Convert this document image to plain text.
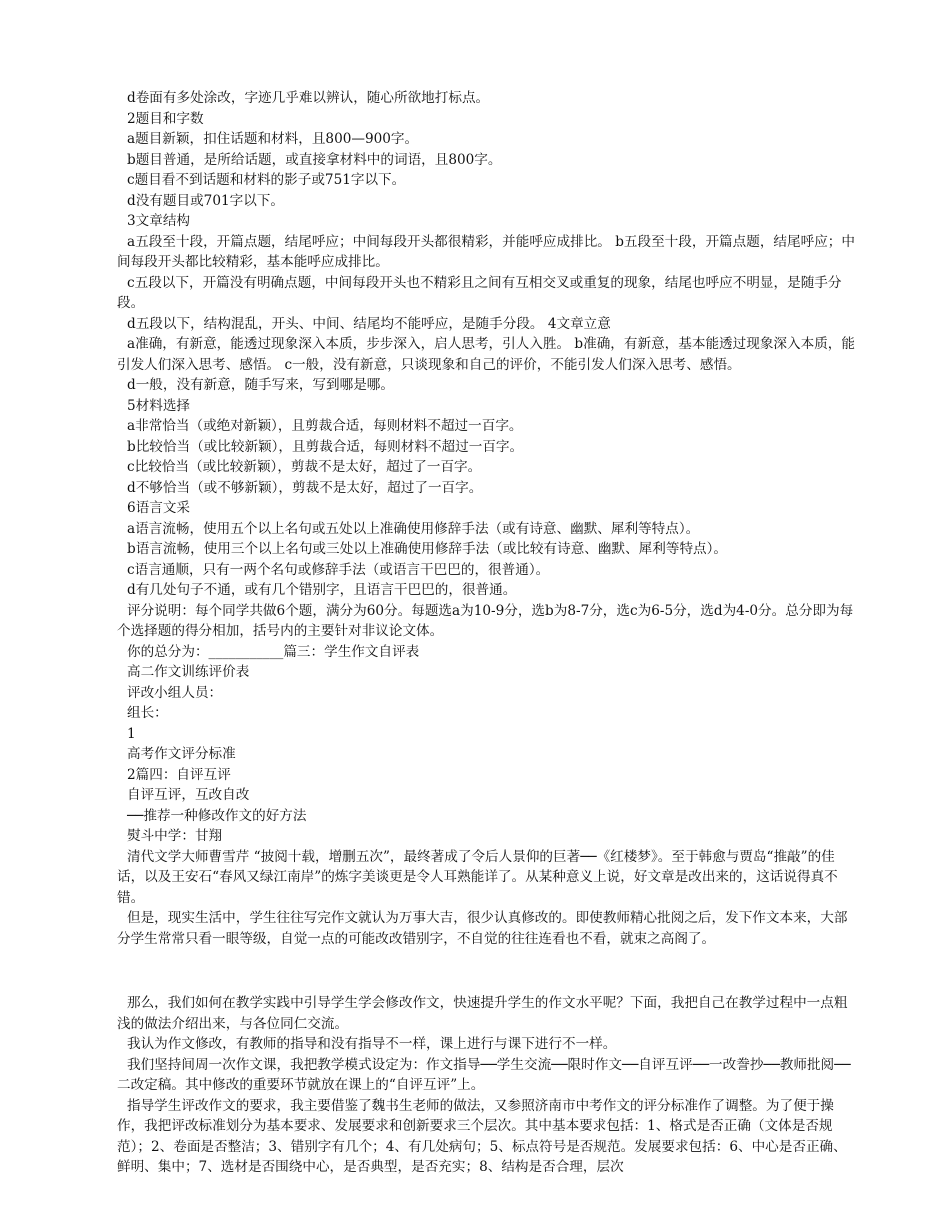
d卷面有多处涂改，字迹几乎难以辨认，随心所欲地打标点。

2题目和字数

a题目新颖，扣住话题和材料，且800—900字。

b题目普通，是所给话题，或直接拿材料中的词语，且800字。

c题目看不到话题和材料的影子或751字以下。

d没有题目或701字以下。

3文章结构

a五段至十段，开篇点题，结尾呼应；中间每段开头都很精彩，并能呼应成排比。 b五段至十段，开篇点题，结尾呼应；中间每段开头都比较精彩，基本能呼应成排比。

c五段以下，开篇没有明确点题，中间每段开头也不精彩且之间有互相交叉或重复的现象，结尾也呼应不明显，是随手分段。

d五段以下，结构混乱，开头、中间、结尾均不能呼应，是随手分段。 4文章立意

a准确，有新意，能透过现象深入本质，步步深入，启人思考，引人入胜。 b准确，有新意，基本能透过现象深入本质，能引发人们深入思考、感悟。 c一般，没有新意，只谈现象和自己的评价，不能引发人们深入思考、感悟。

d一般，没有新意，随手写来，写到哪是哪。

5材料选择

a非常恰当（或绝对新颖），且剪裁合适，每则材料不超过一百字。

b比较恰当（或比较新颖），且剪裁合适，每则材料不超过一百字。

c比较恰当（或比较新颖），剪裁不是太好，超过了一百字。

d不够恰当（或不够新颖），剪裁不是太好，超过了一百字。

6语言文采

a语言流畅，使用五个以上名句或五处以上准确使用修辞手法（或有诗意、幽默、犀利等特点）。

b语言流畅，使用三个以上名句或三处以上准确使用修辞手法（或比较有诗意、幽默、犀利等特点）。

c语言通顺，只有一两个名句或修辞手法（或语言干巴巴的，很普通）。

d有几处句子不通，或有几个错别字，且语言干巴巴的，很普通。

评分说明：每个同学共做6个题，满分为60分。每题选a为10-9分，选b为8-7分，选c为6-5分，选d为4-0分。总分即为每个选择题的得分相加，括号内的主要针对非议论文体。

你的总分为：___________篇三：学生作文自评表

高二作文训练评价表

评改小组人员：

组长：

1

高考作文评分标准

2篇四：自评互评

自评互评，互改自改

──推荐一种修改作文的好方法

熨斗中学：甘翔

清代文学大师曹雪芹 “披阅十载，增删五次”，最终著成了令后人景仰的巨著──《红楼梦》。至于韩愈与贾岛“推敲”的佳话，以及王安石“春风又绿江南岸”的炼字美谈更是令人耳熟能详了。从某种意义上说，好文章是改出来的，这话说得真不错。

但是，现实生活中，学生往往写完作文就认为万事大吉，很少认真修改的。即使教师精心批阅之后，发下作文本来，大部分学生常常只看一眼等级，自觉一点的可能改改错别字，不自觉的往往连看也不看，就束之高阁了。

那么，我们如何在教学实践中引导学生学会修改作文，快速提升学生的作文水平呢？下面，我把自己在教学过程中一点粗浅的做法介绍出来，与各位同仁交流。

我认为作文修改，有教师的指导和没有指导不一样，课上进行与课下进行不一样。

我们坚持间周一次作文课，我把教学模式设定为：作文指导──学生交流──限时作文──自评互评──一改誊抄──教师批阅──二改定稿。其中修改的重要环节就放在课上的“自评互评”上。

指导学生评改作文的要求，我主要借鉴了魏书生老师的做法，又参照济南市中考作文的评分标准作了调整。为了便于操作，我把评改标准划分为基本要求、发展要求和创新要求三个层次。其中基本要求包括：1、格式是否正确（文体是否规范）；2、卷面是否整洁；3、错别字有几个；4、有几处病句；5、标点符号是否规范。发展要求包括：6、中心是否正确、鲜明、集中；7、选材是否围绕中心，是否典型，是否充实；8、结构是否合理，层次
